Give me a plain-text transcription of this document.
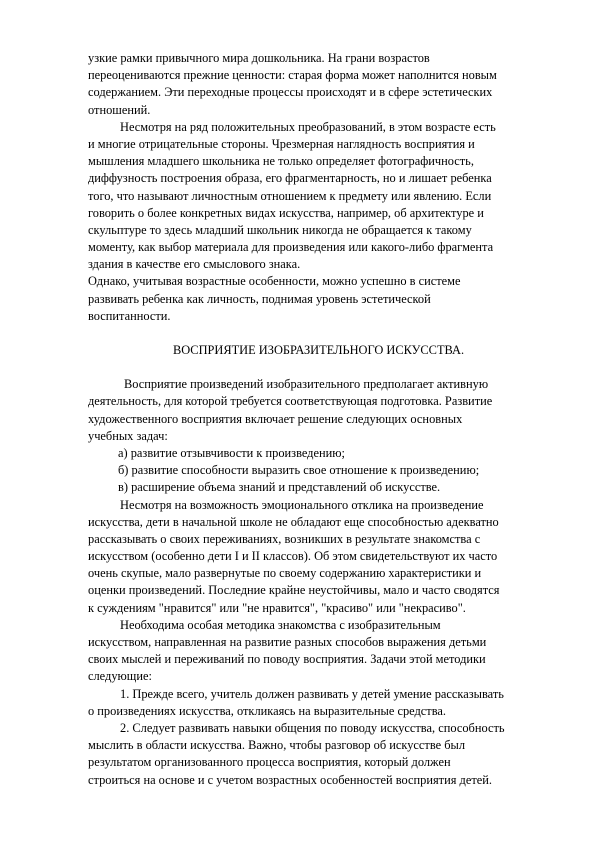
узкие рамки привычного мира дошкольника. На грани возрастов
переоцениваются прежние ценности: старая форма может наполнится новым
содержанием. Эти переходные процессы происходят и в сфере эстетических
отношений.
Несмотря на ряд положительных преобразований, в этом возрасте есть
и многие отрицательные стороны. Чрезмерная наглядность восприятия и
мышления младшего школьника не только определяет фотографичность,
диффузность построения образа, его фрагментарность, но и лишает ребенка
того, что называют личностным отношением к предмету или явлению. Если
говорить о более конкретных видах искусства, например, об архитектуре и
скульптуре то здесь младший школьник никогда не обращается к такому
моменту, как выбор материала для произведения или какого-либо фрагмента
здания в качестве его смыслового знака.
Однако, учитывая возрастные особенности, можно успешно в системе
развивать ребенка как личность, поднимая уровень эстетической
воспитанности.
ВОСПРИЯТИЕ ИЗОБРАЗИТЕЛЬНОГО ИСКУССТВА.
Восприятие произведений изобразительного предполагает активную
деятельность, для которой требуется соответствующая подготовка. Развитие
художественного восприятия включает решение следующих основных
учебных задач:
а) развитие отзывчивости к произведению;
б) развитие способности выразить свое отношение к произведению;
в) расширение объема знаний и представлений об искусстве.
Несмотря на возможность эмоционального отклика на произведение
искусства, дети в начальной школе не обладают еще способностью адекватно
рассказывать о своих переживаниях, возникших в результате знакомства с
искусством (особенно дети I и II классов). Об этом свидетельствуют их часто
очень скупые, мало развернутые по своему содержанию характеристики и
оценки произведений. Последние крайне неустойчивы, мало и часто сводятся
к суждениям "нравится" или "не нравится", "красиво" или "некрасиво".
Необходима особая методика знакомства с изобразительным
искусством, направленная на развитие разных способов выражения детьми
своих мыслей и переживаний по поводу восприятия. Задачи этой методики
следующие:
1. Прежде всего, учитель должен развивать у детей умение рассказывать
о произведениях искусства, откликаясь на выразительные средства.
2. Следует развивать навыки общения по поводу искусства, способность
мыслить в области искусства. Важно, чтобы разговор об искусстве был
результатом организованного процесса восприятия, который должен
строиться на основе и с учетом возрастных особенностей восприятия детей.
